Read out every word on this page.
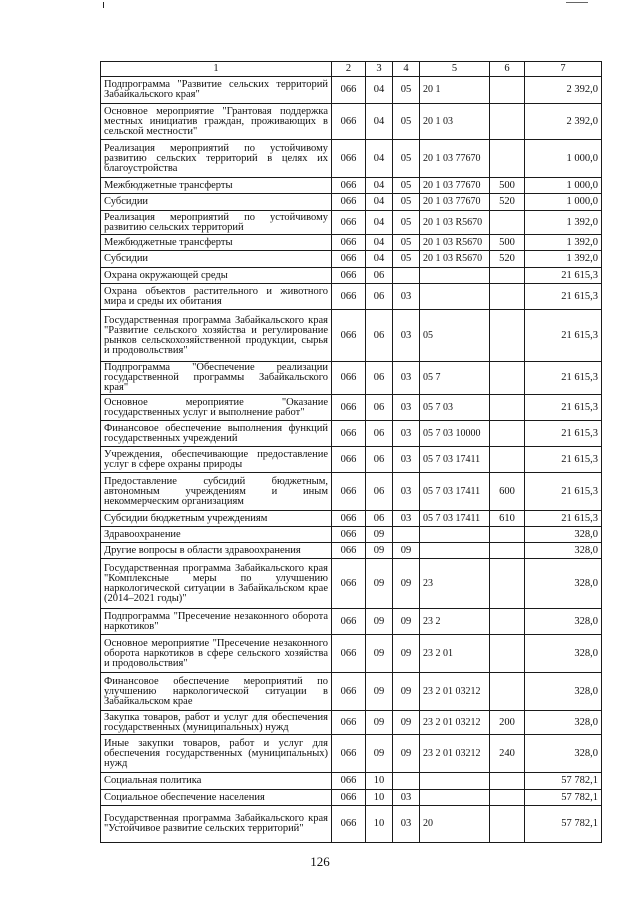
1	2	3	4	5	6	7
Подпрограмма "Развитие сельских территорий Забайкальского края"	066	04	05	20 1		2 392,0
Основное мероприятие "Грантовая поддержка местных инициатив граждан, проживающих в сельской местности"	066	04	05	20 1 03		2 392,0
Реализация мероприятий по устойчивому развитию сельских территорий в целях их благоустройства	066	04	05	20 1 03 77670		1 000,0
Межбюджетные трансферты	066	04	05	20 1 03 77670	500	1 000,0
Субсидии	066	04	05	20 1 03 77670	520	1 000,0
Реализация мероприятий по устойчивому развитию сельских территорий	066	04	05	20 1 03 R5670		1 392,0
Межбюджетные трансферты	066	04	05	20 1 03 R5670	500	1 392,0
Субсидии	066	04	05	20 1 03 R5670	520	1 392,0
Охрана окружающей среды	066	06				21 615,3
Охрана объектов растительного и животного мира и среды их обитания	066	06	03			21 615,3
Государственная программа Забайкальского края "Развитие сельского хозяйства и регулирование рынков сельскохозяйственной продукции, сырья и продовольствия"	066	06	03	05		21 615,3
Подпрограмма "Обеспечение реализации государственной программы Забайкальского края"	066	06	03	05 7		21 615,3
Основное мероприятие "Оказание государственных услуг и выполнение работ"	066	06	03	05 7 03		21 615,3
Финансовое обеспечение выполнения функций государственных учреждений	066	06	03	05 7 03 10000		21 615,3
Учреждения, обеспечивающие предоставление услуг в сфере охраны природы	066	06	03	05 7 03 17411		21 615,3
Предоставление субсидий бюджетным, автономным учреждениям и иным некоммерческим организациям	066	06	03	05 7 03 17411	600	21 615,3
Субсидии бюджетным учреждениям	066	06	03	05 7 03 17411	610	21 615,3
Здравоохранение	066	09				328,0
Другие вопросы в области здравоохранения	066	09	09			328,0
Государственная программа Забайкальского края "Комплексные меры по улучшению наркологической ситуации в Забайкальском крае (2014–2021 годы)"	066	09	09	23		328,0
Подпрограмма "Пресечение незаконного оборота наркотиков"	066	09	09	23 2		328,0
Основное мероприятие "Пресечение незаконного оборота наркотиков в сфере сельского хозяйства и продовольствия"	066	09	09	23 2 01		328,0
Финансовое обеспечение мероприятий по улучшению наркологической ситуации в Забайкальском крае	066	09	09	23 2 01 03212		328,0
Закупка товаров, работ и услуг для обеспечения государственных (муниципальных) нужд	066	09	09	23 2 01 03212	200	328,0
Иные закупки товаров, работ и услуг для обеспечения государственных (муниципальных) нужд	066	09	09	23 2 01 03212	240	328,0
Социальная политика	066	10				57 782,1
Социальное обеспечение населения	066	10	03			57 782,1
Государственная программа Забайкальского края "Устойчивое развитие сельских территорий"	066	10	03	20		57 782,1
126
